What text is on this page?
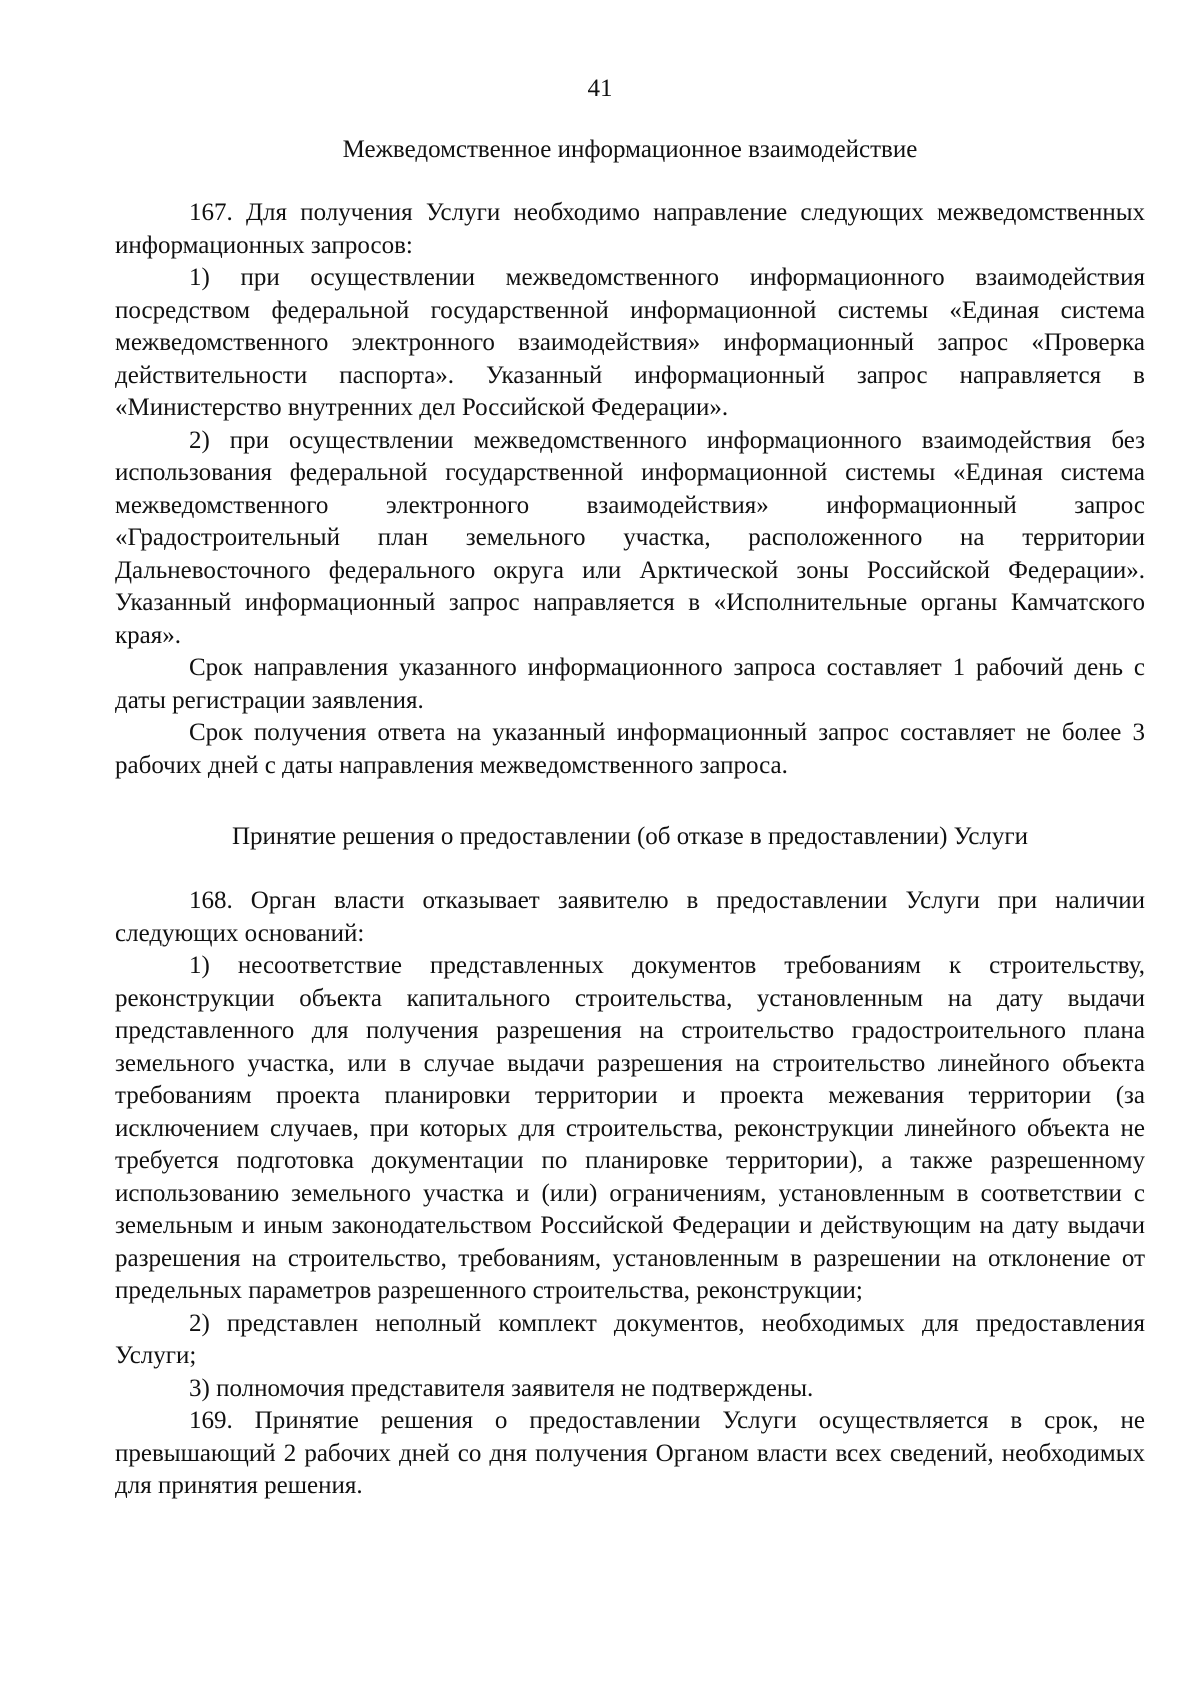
41
Межведомственное информационное взаимодействие

167. Для получения Услуги необходимо направление следующих межведомственных информационных запросов:

1) при осуществлении межведомственного информационного взаимодействия посредством федеральной государственной информационной системы «Единая система межведомственного электронного взаимодействия» информационный запрос «Проверка действительности паспорта». Указанный информационный запрос направляется в «Министерство внутренних дел Российской Федерации».

2) при осуществлении межведомственного информационного взаимодействия без использования федеральной государственной информационной системы «Единая система межведомственного электронного взаимодействия» информационный запрос «Градостроительный план земельного участка, расположенного на территории Дальневосточного федерального округа или Арктической зоны Российской Федерации». Указанный информационный запрос направляется в «Исполнительные органы Камчатского края».

Срок направления указанного информационного запроса составляет 1 рабочий день с даты регистрации заявления.

Срок получения ответа на указанный информационный запрос составляет не более 3 рабочих дней с даты направления межведомственного запроса.

Принятие решения о предоставлении (об отказе в предоставлении) Услуги

168. Орган власти отказывает заявителю в предоставлении Услуги при наличии следующих оснований:

1) несоответствие представленных документов требованиям к строительству, реконструкции объекта капитального строительства, установленным на дату выдачи представленного для получения разрешения на строительство градостроительного плана земельного участка, или в случае выдачи разрешения на строительство линейного объекта требованиям проекта планировки территории и проекта межевания территории (за исключением случаев, при которых для строительства, реконструкции линейного объекта не требуется подготовка документации по планировке территории), а также разрешенному использованию земельного участка и (или) ограничениям, установленным в соответствии с земельным и иным законодательством Российской Федерации и действующим на дату выдачи разрешения на строительство, требованиям, установленным в разрешении на отклонение от предельных параметров разрешенного строительства, реконструкции;

2) представлен неполный комплект документов, необходимых для предоставления Услуги;

3) полномочия представителя заявителя не подтверждены.

169. Принятие решения о предоставлении Услуги осуществляется в срок, не превышающий 2 рабочих дней со дня получения Органом власти всех сведений, необходимых для принятия решения.
